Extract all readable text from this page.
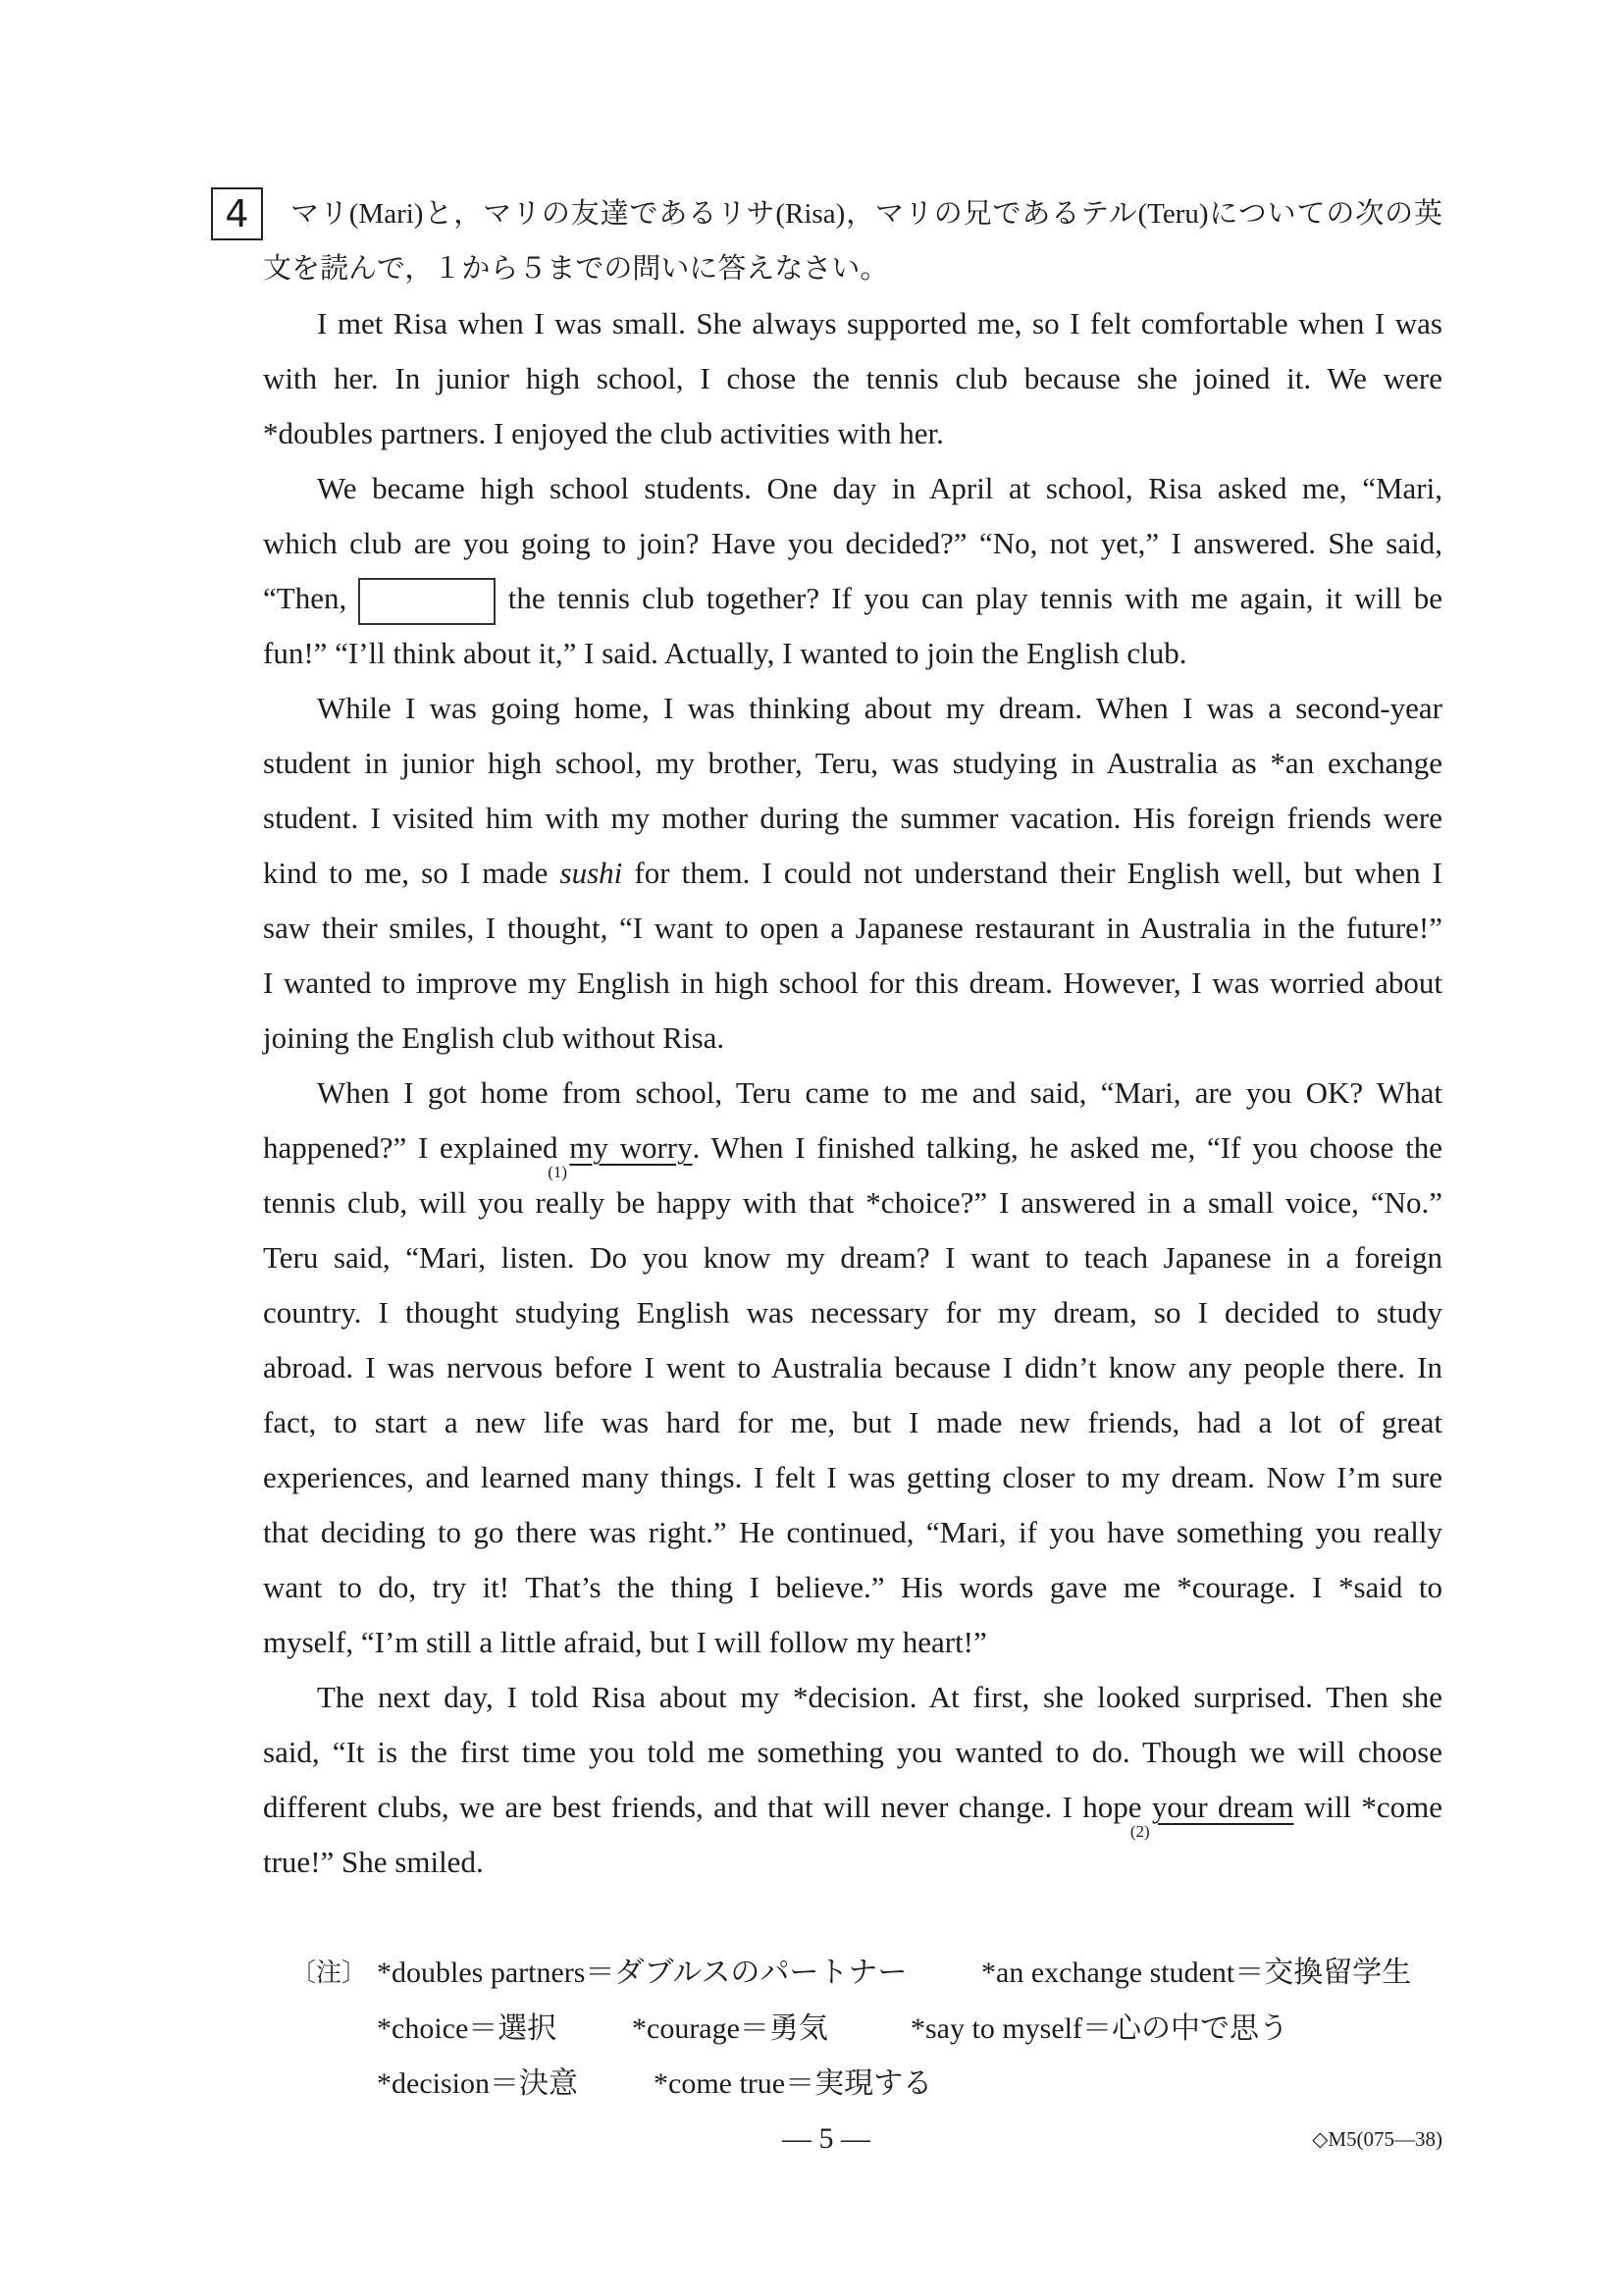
4 マリ(Mari)と，マリの友達であるリサ(Risa)，マリの兄であるテル(Teru)についての次の英
文を読んで，１から５までの問いに答えなさい。
I met Risa when I was small. She always supported me, so I felt comfortable when I was
with her. In junior high school, I chose the tennis club because she joined it. We were
*doubles partners. I enjoyed the club activities with her.
We became high school students. One day in April at school, Risa asked me, “Mari,
which club are you going to join? Have you decided?” “No, not yet,” I answered. She said,
“Then,	the tennis club together? If you can play tennis with me again, it will be
fun!” “I’ll think about it,” I said. Actually, I wanted to join the English club.
While I was going home, I was thinking about my dream. When I was a second-year
student in junior high school, my brother, Teru, was studying in Australia as *an exchange
student. I visited him with my mother during the summer vacation. His foreign friends were
kind to me, so I made sushi for them. I could not understand their English well, but when I
saw their smiles, I thought, “I want to open a Japanese restaurant in Australia in the future!”
I wanted to improve my English in high school for this dream. However, I was worried about
joining the English club without Risa.
When I got home from school, Teru came to me and said, “Mari, are you OK? What
happened?” I explained my worry
(1)
. When I finished talking, he asked me, “If you choose the
tennis club, will you really be happy with that *choice?” I answered in a small voice, “No.”
Teru said, “Mari, listen. Do you know my dream? I want to teach Japanese in a foreign
country. I thought studying English was necessary for my dream, so I decided to study
abroad. I was nervous before I went to Australia because I didn’t know any people there. In
fact, to start a new life was hard for me, but I made new friends, had a lot of great
experiences, and learned many things. I felt I was getting closer to my dream. Now I’m sure
that deciding to go there was right.” He continued, “Mari, if you have something you really
want to do, try it! That’s the thing I believe.” His words gave me *courage. I *said to
myself, “I’m still a little afraid, but I will follow my heart!”
The next day, I told Risa about my *decision. At first, she looked surprised. Then she
said, “It is the first time you told me something you wanted to do. Though we will choose
different clubs, we are best friends, and that will never change. I hope your dream
(2)
will *come
true!” She smiled.
〔注〕 *doubles partners＝ダブルスのパートナー	*an exchange student＝交換留学生
*choice＝選択	*courage＝勇気	*say to myself＝心の中で思う
*decision＝決意	*come true＝実現する
— 5 —	◇M5(075—38)
